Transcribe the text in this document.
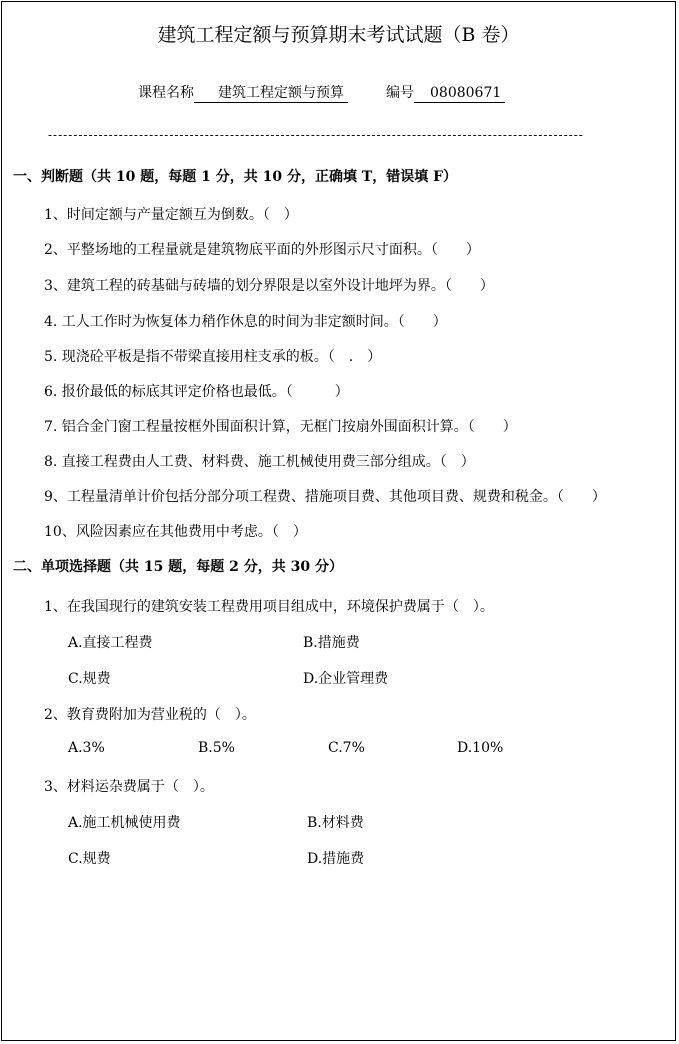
建筑工程定额与预算期末考试试题（B 卷）
课程名称 建筑工程定额与预算	编号 08080671
----------------------------------------------------------------------------------------------------------
一、判断题（共 10 题，每题 1 分，共 10 分，正确填 T，错误填 F）
1、时间定额与产量定额互为倒数。（　）
2、平整场地的工程量就是建筑物底平面的外形图示尺寸面积。（　　）
3、建筑工程的砖基础与砖墙的划分界限是以室外设计地坪为界。（　　）
4. 工人工作时为恢复体力稍作休息的时间为非定额时间。（　　）
5. 现浇砼平板是指不带梁直接用柱支承的板。（　.　）
6. 报价最低的标底其评定价格也最低。（　　　）
7. 铝合金门窗工程量按框外围面积计算，无框门按扇外围面积计算。（　　）
8. 直接工程费由人工费、材料费、施工机械使用费三部分组成。（　）
9、工程量清单计价包括分部分项工程费、措施项目费、其他项目费、规费和税金。（　　）
10、风险因素应在其他费用中考虑。（　）
二、单项选择题（共 15 题，每题 2 分，共 30 分）
1、在我国现行的建筑安装工程费用项目组成中，环境保护费属于（　）。
A.直接工程费	B.措施费
C.规费	D.企业管理费
2、教育费附加为营业税的（　）。
A.3%	B.5%	C.7%	D.10%
3、材料运杂费属于（　）。
A.施工机械使用费	B.材料费
C.规费	D.措施费
